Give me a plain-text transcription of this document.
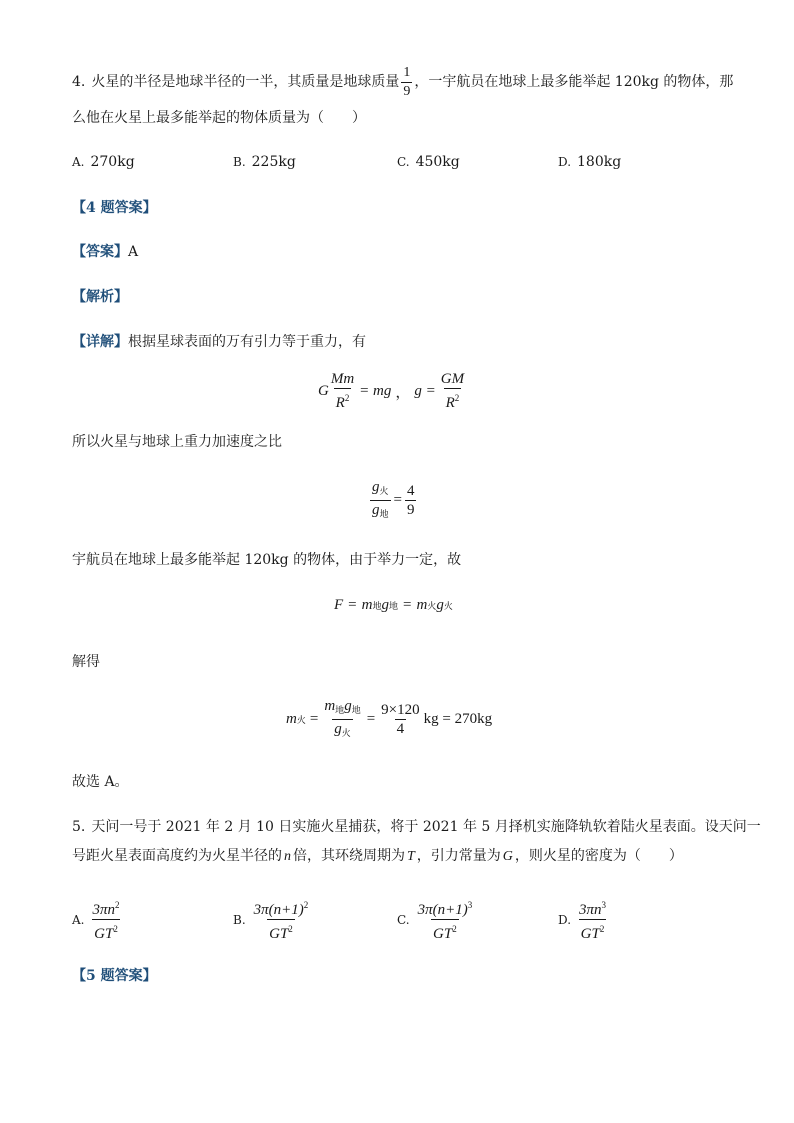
4. 火星的半径是地球半径的一半，其质量是地球质量 $\frac{1}{9}$ ，一宇航员在地球上最多能举起 120kg 的物体，那
么他在火星上最多能举起的物体质量为（　　）
A. 270kg	B. 225kg	C. 450kg	D. 180kg
【4 题答案】
【答案】A
【解析】
【详解】根据星球表面的万有引力等于重力，有
G $\frac{Mm}{R^2}$ = mg ， $g = \frac{GM}{R^2}$
所以火星与地球上重力加速度之比
$\frac{g_火}{g_地} = \frac{4}{9}$
宇航员在地球上最多能举起 120kg 的物体，由于举力一定，故
F = m 地 g 地 = m 火 g 火
解得
m 火 = $\frac{m_地g_地}{g_火} = \frac{9\times 120}{4}$ kg = 270kg
故选 A。
5. 天问一号于 2021 年 2 月 10 日实施火星捕获，将于 2021 年 5 月择机实施降轨软着陆火星表面。设天问一
号距火星表面高度约为火星半径的 n 倍，其环绕周期为 T ，引力常量为 G ，则火星的密度为（　　）
A. $\frac{3\pi n^2}{GT^2}$	B. $\frac{3\pi(n+1)^2}{GT^2}$	C. $\frac{3\pi(n+1)^3}{GT^2}$	D. $\frac{3\pi n^3}{GT^2}$
【5 题答案】
